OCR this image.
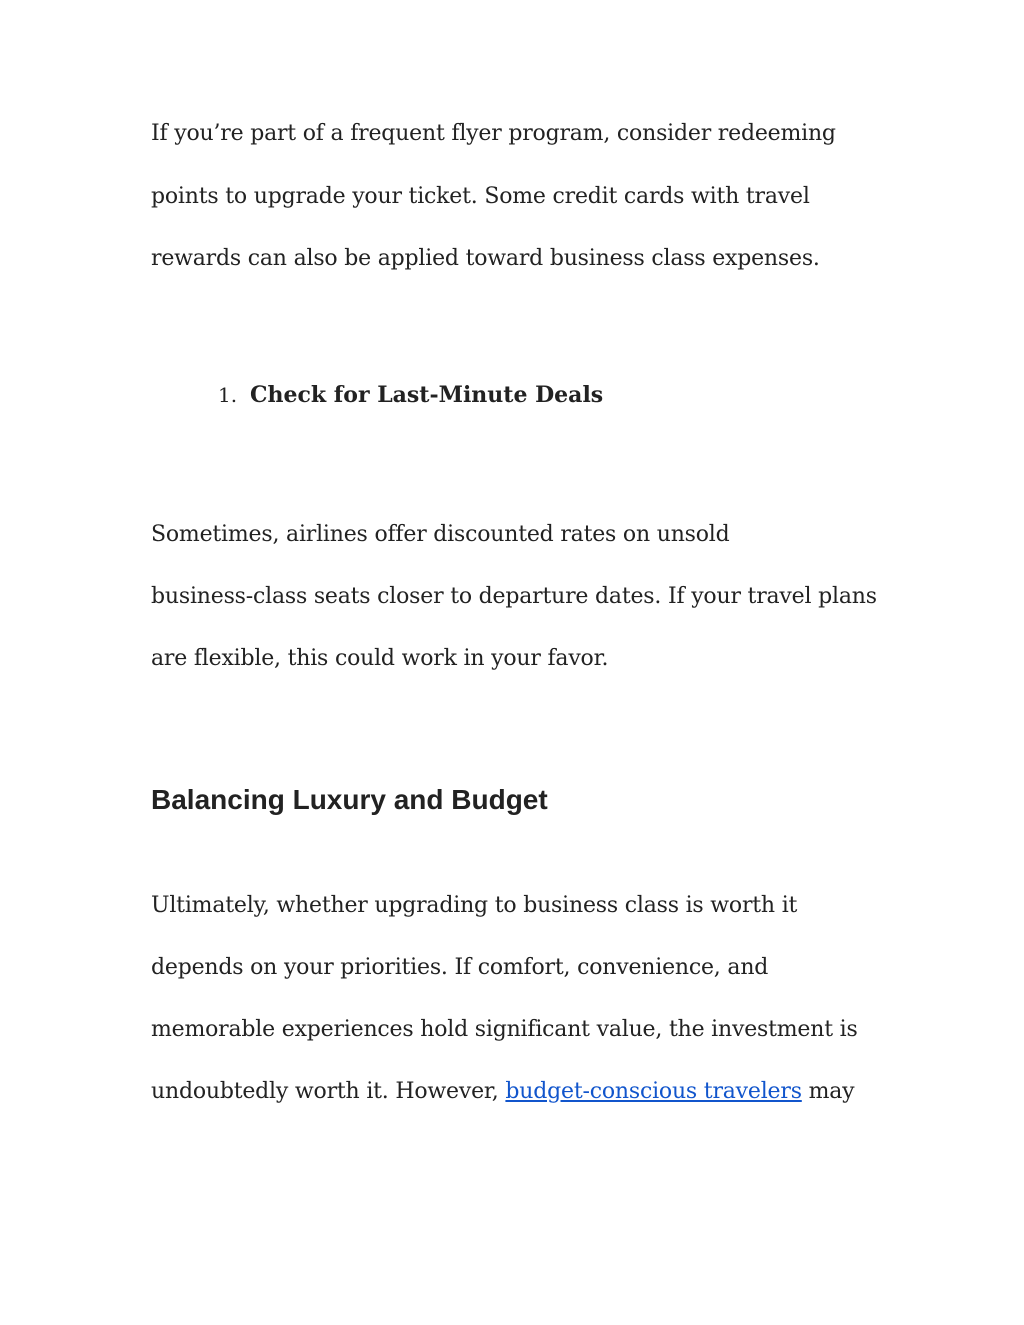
If you’re part of a frequent flyer program, consider redeeming
points to upgrade your ticket. Some credit cards with travel
rewards can also be applied toward business class expenses.
1. Check for Last-Minute Deals
Sometimes, airlines offer discounted rates on unsold
business-class seats closer to departure dates. If your travel plans
are flexible, this could work in your favor.
Balancing Luxury and Budget
Ultimately, whether upgrading to business class is worth it
depends on your priorities. If comfort, convenience, and
memorable experiences hold significant value, the investment is
undoubtedly worth it. However, budget-conscious travelers may
